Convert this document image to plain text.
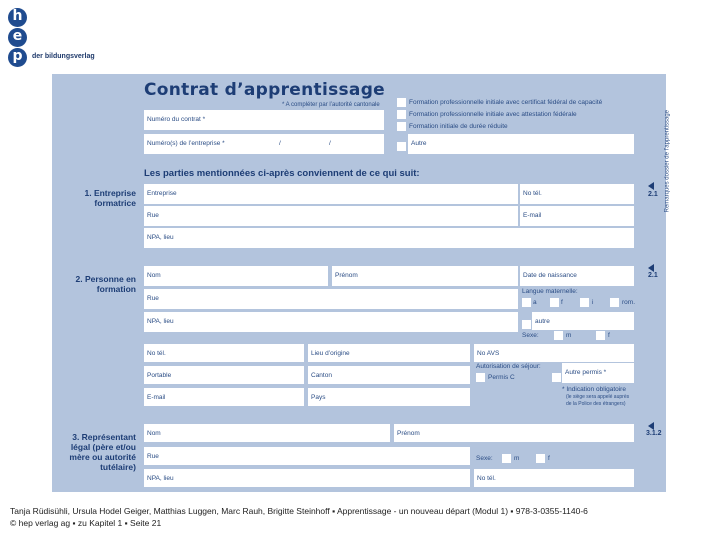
h
e
p	der bildungsverlag
Contrat d’apprentissage
* A compléter par l’autorité cantonale
Numéro du contrat *
Numéro(s) de l’entreprise *	/	/
Formation professionnelle initiale avec certificat fédéral de capacité
Formation professionnelle initiale avec attestation fédérale
Formation initiale de durée réduite
Autre	Remarques dossier de l’apprentissage
2.1
Les parties mentionnées ci-après conviennent de ce qui suit:
1. Entreprise formatrice
Entreprise	No tél.
Rue	E-mail
NPA, lieu
2. Personne en formation
2.1
Nom	Prénom	Date de naissance
Rue
Langue maternelle:
a	f	i	rom.
NPA, lieu	autre
Sexe:	m	f
No tél.	Lieu d’origine	No AVS
Portable	Canton
Autorisation de séjour:
Permis C
Autre permis *
E-mail	Pays
* Indication obligatoire
(le siège sera appelé auprès de la Police des étrangers)
3. Représentant légal (père et/ou mère ou autorité tutélaire)
3.1.2
Nom	Prénom
Rue	Sexe:	m	f
NPA, lieu	No tél.
Tanja Rüdisühli, Ursula Hodel Geiger, Matthias Luggen, Marc Rauh, Brigitte Steinhoff ▪ Apprentissage - un nouveau départ (Modul 1) ▪ 978-3-0355-1140-6
© hep verlag ag ▪ zu Kapitel 1 ▪ Seite 21
